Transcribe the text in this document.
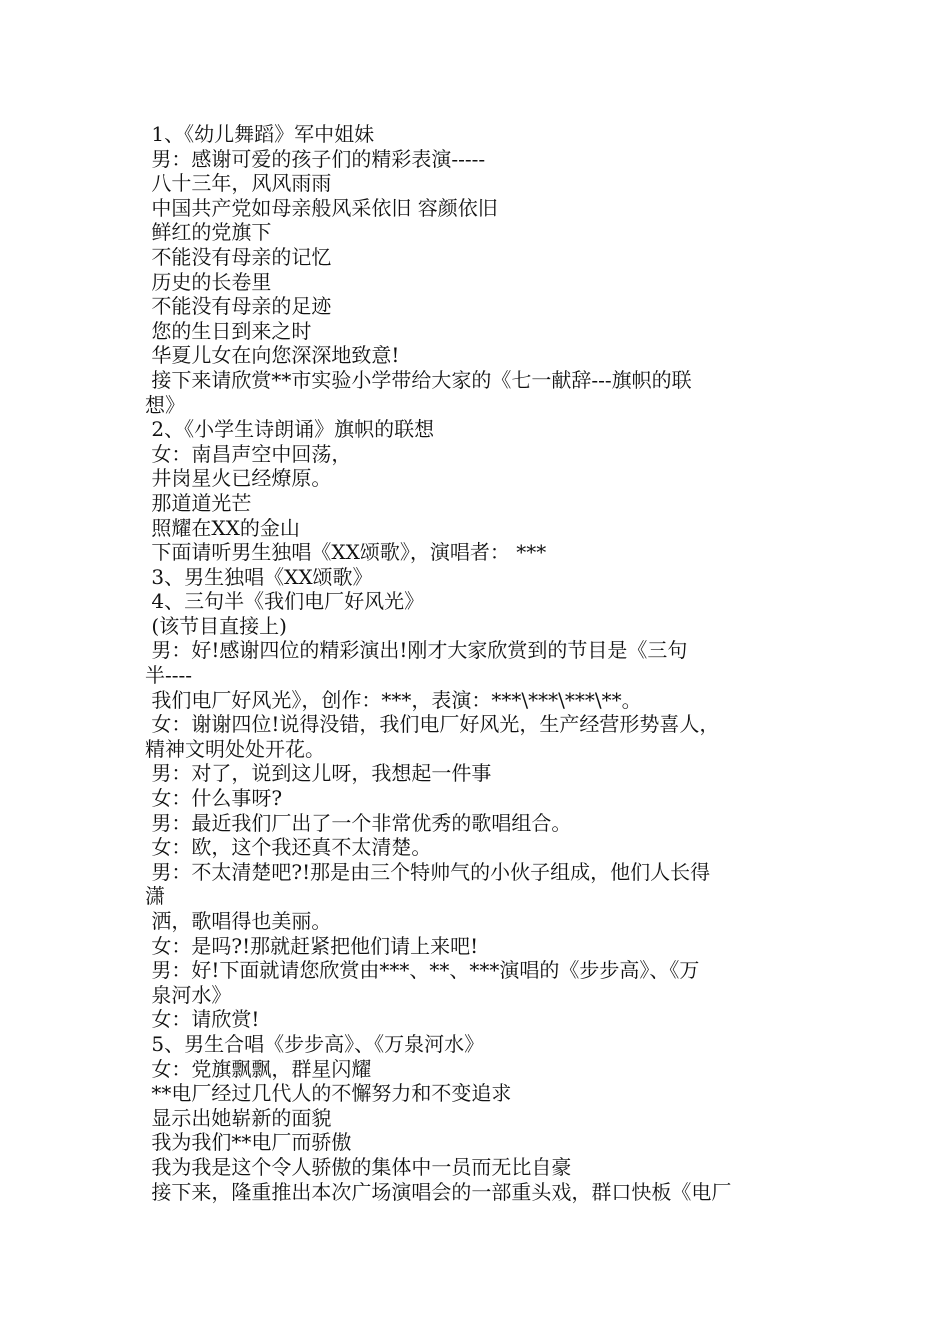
1、《幼儿舞蹈》军中姐妹

男：感谢可爱的孩子们的精彩表演-----

八十三年，风风雨雨

中国共产党如母亲般风采依旧 容颜依旧

鲜红的党旗下

不能没有母亲的记忆

历史的长卷里

不能没有母亲的足迹

您的生日到来之时

华夏儿女在向您深深地致意!

接下来请欣赏**市实验小学带给大家的《七一献辞---旗帜的联

想》

2、《小学生诗朗诵》旗帜的联想

女：南昌声空中回荡，

井岗星火已经燎原。

那道道光芒

照耀在XX的金山

下面请听男生独唱《XX颂歌》，演唱者： ***

3、男生独唱《XX颂歌》

4、三句半《我们电厂好风光》

(该节目直接上)

男：好!感谢四位的精彩演出!刚才大家欣赏到的节目是《三句

半----

我们电厂好风光》，创作：***，表演：***\***\***\**。

女：谢谢四位!说得没错，我们电厂好风光，生产经营形势喜人，

精神文明处处开花。

男：对了，说到这儿呀，我想起一件事

女：什么事呀?

男：最近我们厂出了一个非常优秀的歌唱组合。

女：欧，这个我还真不太清楚。

男：不太清楚吧?!那是由三个特帅气的小伙子组成，他们人长得

潇

洒，歌唱得也美丽。

女：是吗?!那就赶紧把他们请上来吧!

男：好!下面就请您欣赏由***、**、***演唱的《步步高》、《万

泉河水》

女：请欣赏!

5、男生合唱《步步高》、《万泉河水》

女：党旗飘飘，群星闪耀

**电厂经过几代人的不懈努力和不变追求

显示出她崭新的面貌

我为我们**电厂而骄傲

我为我是这个令人骄傲的集体中一员而无比自豪

接下来，隆重推出本次广场演唱会的一部重头戏，群口快板《电厂
